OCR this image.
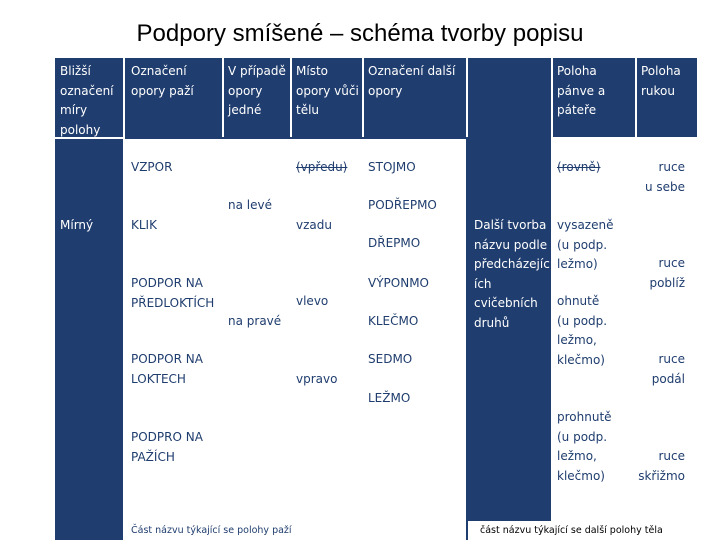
Podpory smíšené – schéma tvorby popisu
Bližší
označení
míry
polohy
Označení
opory paží
V případě
opory
jedné
Místo
opory vůči
tělu
Označení další
opory
Poloha
pánve a
páteře
Poloha
rukou
Mírný
VZPOR
KLIK
PODPOR NA
PŘEDLOKTÍCH
PODPOR NA
LOKTECH
PODPRO NA
PAŽÍCH
na levé
na pravé
(vpředu)
vzadu
vlevo
vpravo
STOJMO
PODŘEPMO
DŘEPMO
VÝPONMO
KLEČMO
SEDMO
LEŽMO
Další tvorba
názvu podle
předcházejíc
ích
cvičebních
druhů
(rovně)
vysazeně
(u podp.
ležmo)
ohnutě
(u podp.
ležmo,
klečmo)
prohnutě
(u podp.
ležmo,
klečmo)
ruce
u sebe
ruce
poblíž
ruce
podál
ruce
skřižmo
Část názvu týkající se polohy paží	část názvu týkající se další polohy těla
